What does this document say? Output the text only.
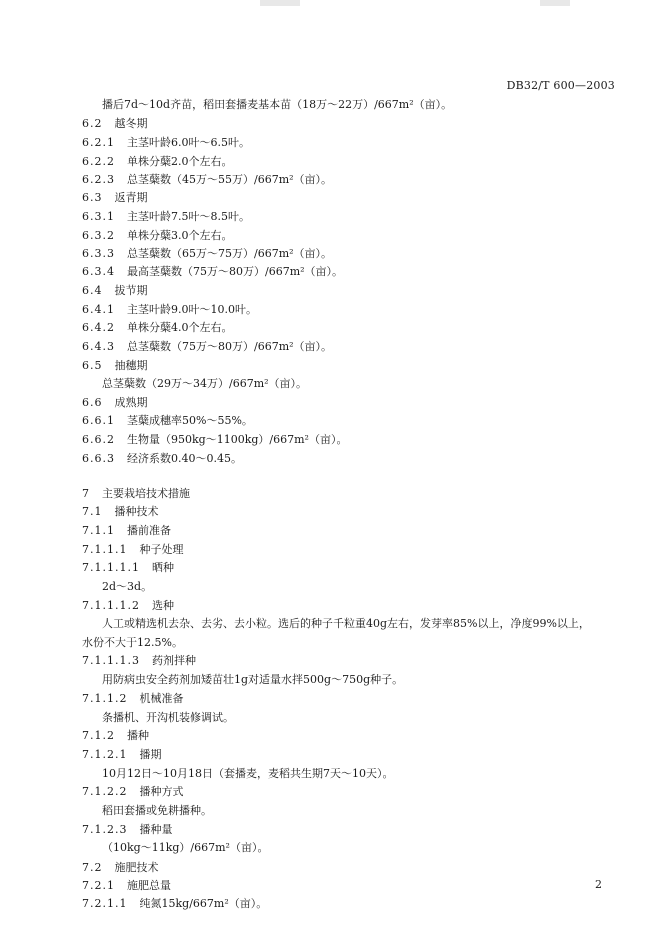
DB32/T 600—2003
播后7d～10d齐苗，稻田套播麦基本苗（18万～22万）/667m²（亩）。
6.2 越冬期
6.2.1 主茎叶龄6.0叶～6.5叶。
6.2.2 单株分蘖2.0个左右。
6.2.3 总茎蘖数（45万～55万）/667m²（亩）。
6.3 返青期
6.3.1 主茎叶龄7.5叶～8.5叶。
6.3.2 单株分蘖3.0个左右。
6.3.3 总茎蘖数（65万～75万）/667m²（亩）。
6.3.4 最高茎蘖数（75万～80万）/667m²（亩）。
6.4 拔节期
6.4.1 主茎叶龄9.0叶～10.0叶。
6.4.2 单株分蘖4.0个左右。
6.4.3 总茎蘖数（75万～80万）/667m²（亩）。
6.5 抽穗期
总茎蘖数（29万～34万）/667m²（亩）。
6.6 成熟期
6.6.1 茎蘖成穗率50%～55%。
6.6.2 生物量（950kg～1100kg）/667m²（亩）。
6.6.3 经济系数0.40～0.45。
7 主要栽培技术措施
7.1 播种技术
7.1.1 播前准备
7.1.1.1 种子处理
7.1.1.1.1 晒种
2d～3d。
7.1.1.1.2 选种
人工或精选机去杂、去劣、去小粒。选后的种子千粒重40g左右，发芽率85%以上，净度99%以上，
水份不大于12.5%。
7.1.1.1.3 药剂拌种
用防病虫安全药剂加矮苗壮1g对适量水拌500g～750g种子。
7.1.1.2 机械准备
条播机、开沟机装修调试。
7.1.2 播种
7.1.2.1 播期
10月12日～10月18日（套播麦，麦稻共生期7天～10天）。
7.1.2.2 播种方式
稻田套播或免耕播种。
7.1.2.3 播种量
（10kg～11kg）/667m²（亩）。
7.2 施肥技术
7.2.1 施肥总量
7.2.1.1 纯氮15kg/667m²（亩）。
2
